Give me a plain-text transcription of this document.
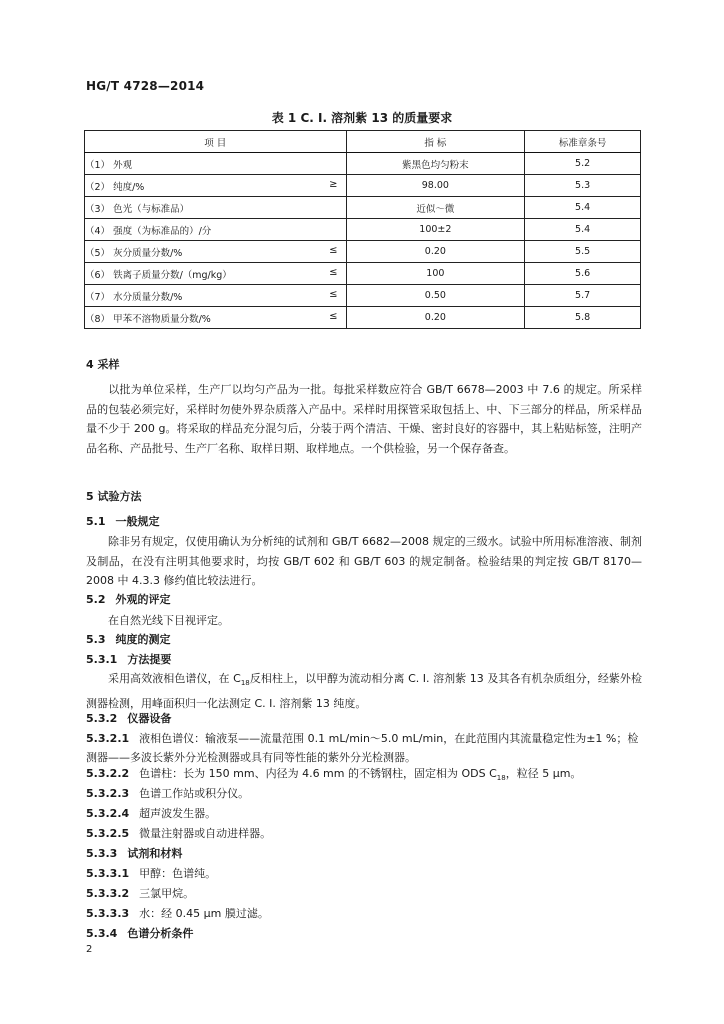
HG/T 4728—2014
表 1 C. I. 溶剂紫 13 的质量要求
项 目	指 标	标准章条号
（1） 外观	紫黑色均匀粉末	5.2
（2） 纯度/% ≥	98.00	5.3
（3） 色光（与标准品）	近似～微	5.4
（4） 强度（为标准品的）/分	100±2	5.4
（5） 灰分质量分数/% ≤	0.20	5.5
（6） 铁离子质量分数/（mg/kg） ≤	100	5.6
（7） 水分质量分数/% ≤	0.50	5.7
（8） 甲苯不溶物质量分数/% ≤	0.20	5.8
4 采样
以批为单位采样，生产厂以均匀产品为一批。每批采样数应符合 GB/T 6678—2003 中 7.6 的规定。所采样品的包装必须完好，采样时勿使外界杂质落入产品中。采样时用探管采取包括上、中、下三部分的样品，所采样品量不少于 200 g。将采取的样品充分混匀后，分装于两个清洁、干燥、密封良好的容器中，其上粘贴标签，注明产品名称、产品批号、生产厂名称、取样日期、取样地点。一个供检验，另一个保存备查。
5 试验方法
5.1 一般规定
除非另有规定，仅使用确认为分析纯的试剂和 GB/T 6682—2008 规定的三级水。试验中所用标准溶液、制剂及制品，在没有注明其他要求时，均按 GB/T 602 和 GB/T 603 的规定制备。检验结果的判定按 GB/T 8170—2008 中 4.3.3 修约值比较法进行。
5.2 外观的评定
在自然光线下目视评定。
5.3 纯度的测定
5.3.1 方法提要
采用高效液相色谱仪，在 $C_{18}$反相柱上，以甲醇为流动相分离 C. I. 溶剂紫 13 及其各有机杂质组分，经紫外检测器检测，用峰面积归一化法测定 C. I. 溶剂紫 13 纯度。
5.3.2 仪器设备
5.3.2.1 液相色谱仪：输液泵——流量范围 0.1 mL/min～5.0 mL/min，在此范围内其流量稳定性为±1 %；检测器——多波长紫外分光检测器或具有同等性能的紫外分光检测器。
5.3.2.2 色谱柱：长为 150 mm、内径为 4.6 mm 的不锈钢柱，固定相为 ODS $C_{18}$，粒径 5 μm。
5.3.2.3 色谱工作站或积分仪。
5.3.2.4 超声波发生器。
5.3.2.5 微量注射器或自动进样器。
5.3.3 试剂和材料
5.3.3.1 甲醇：色谱纯。
5.3.3.2 三氯甲烷。
5.3.3.3 水：经 0.45 μm 膜过滤。
5.3.4 色谱分析条件
2
